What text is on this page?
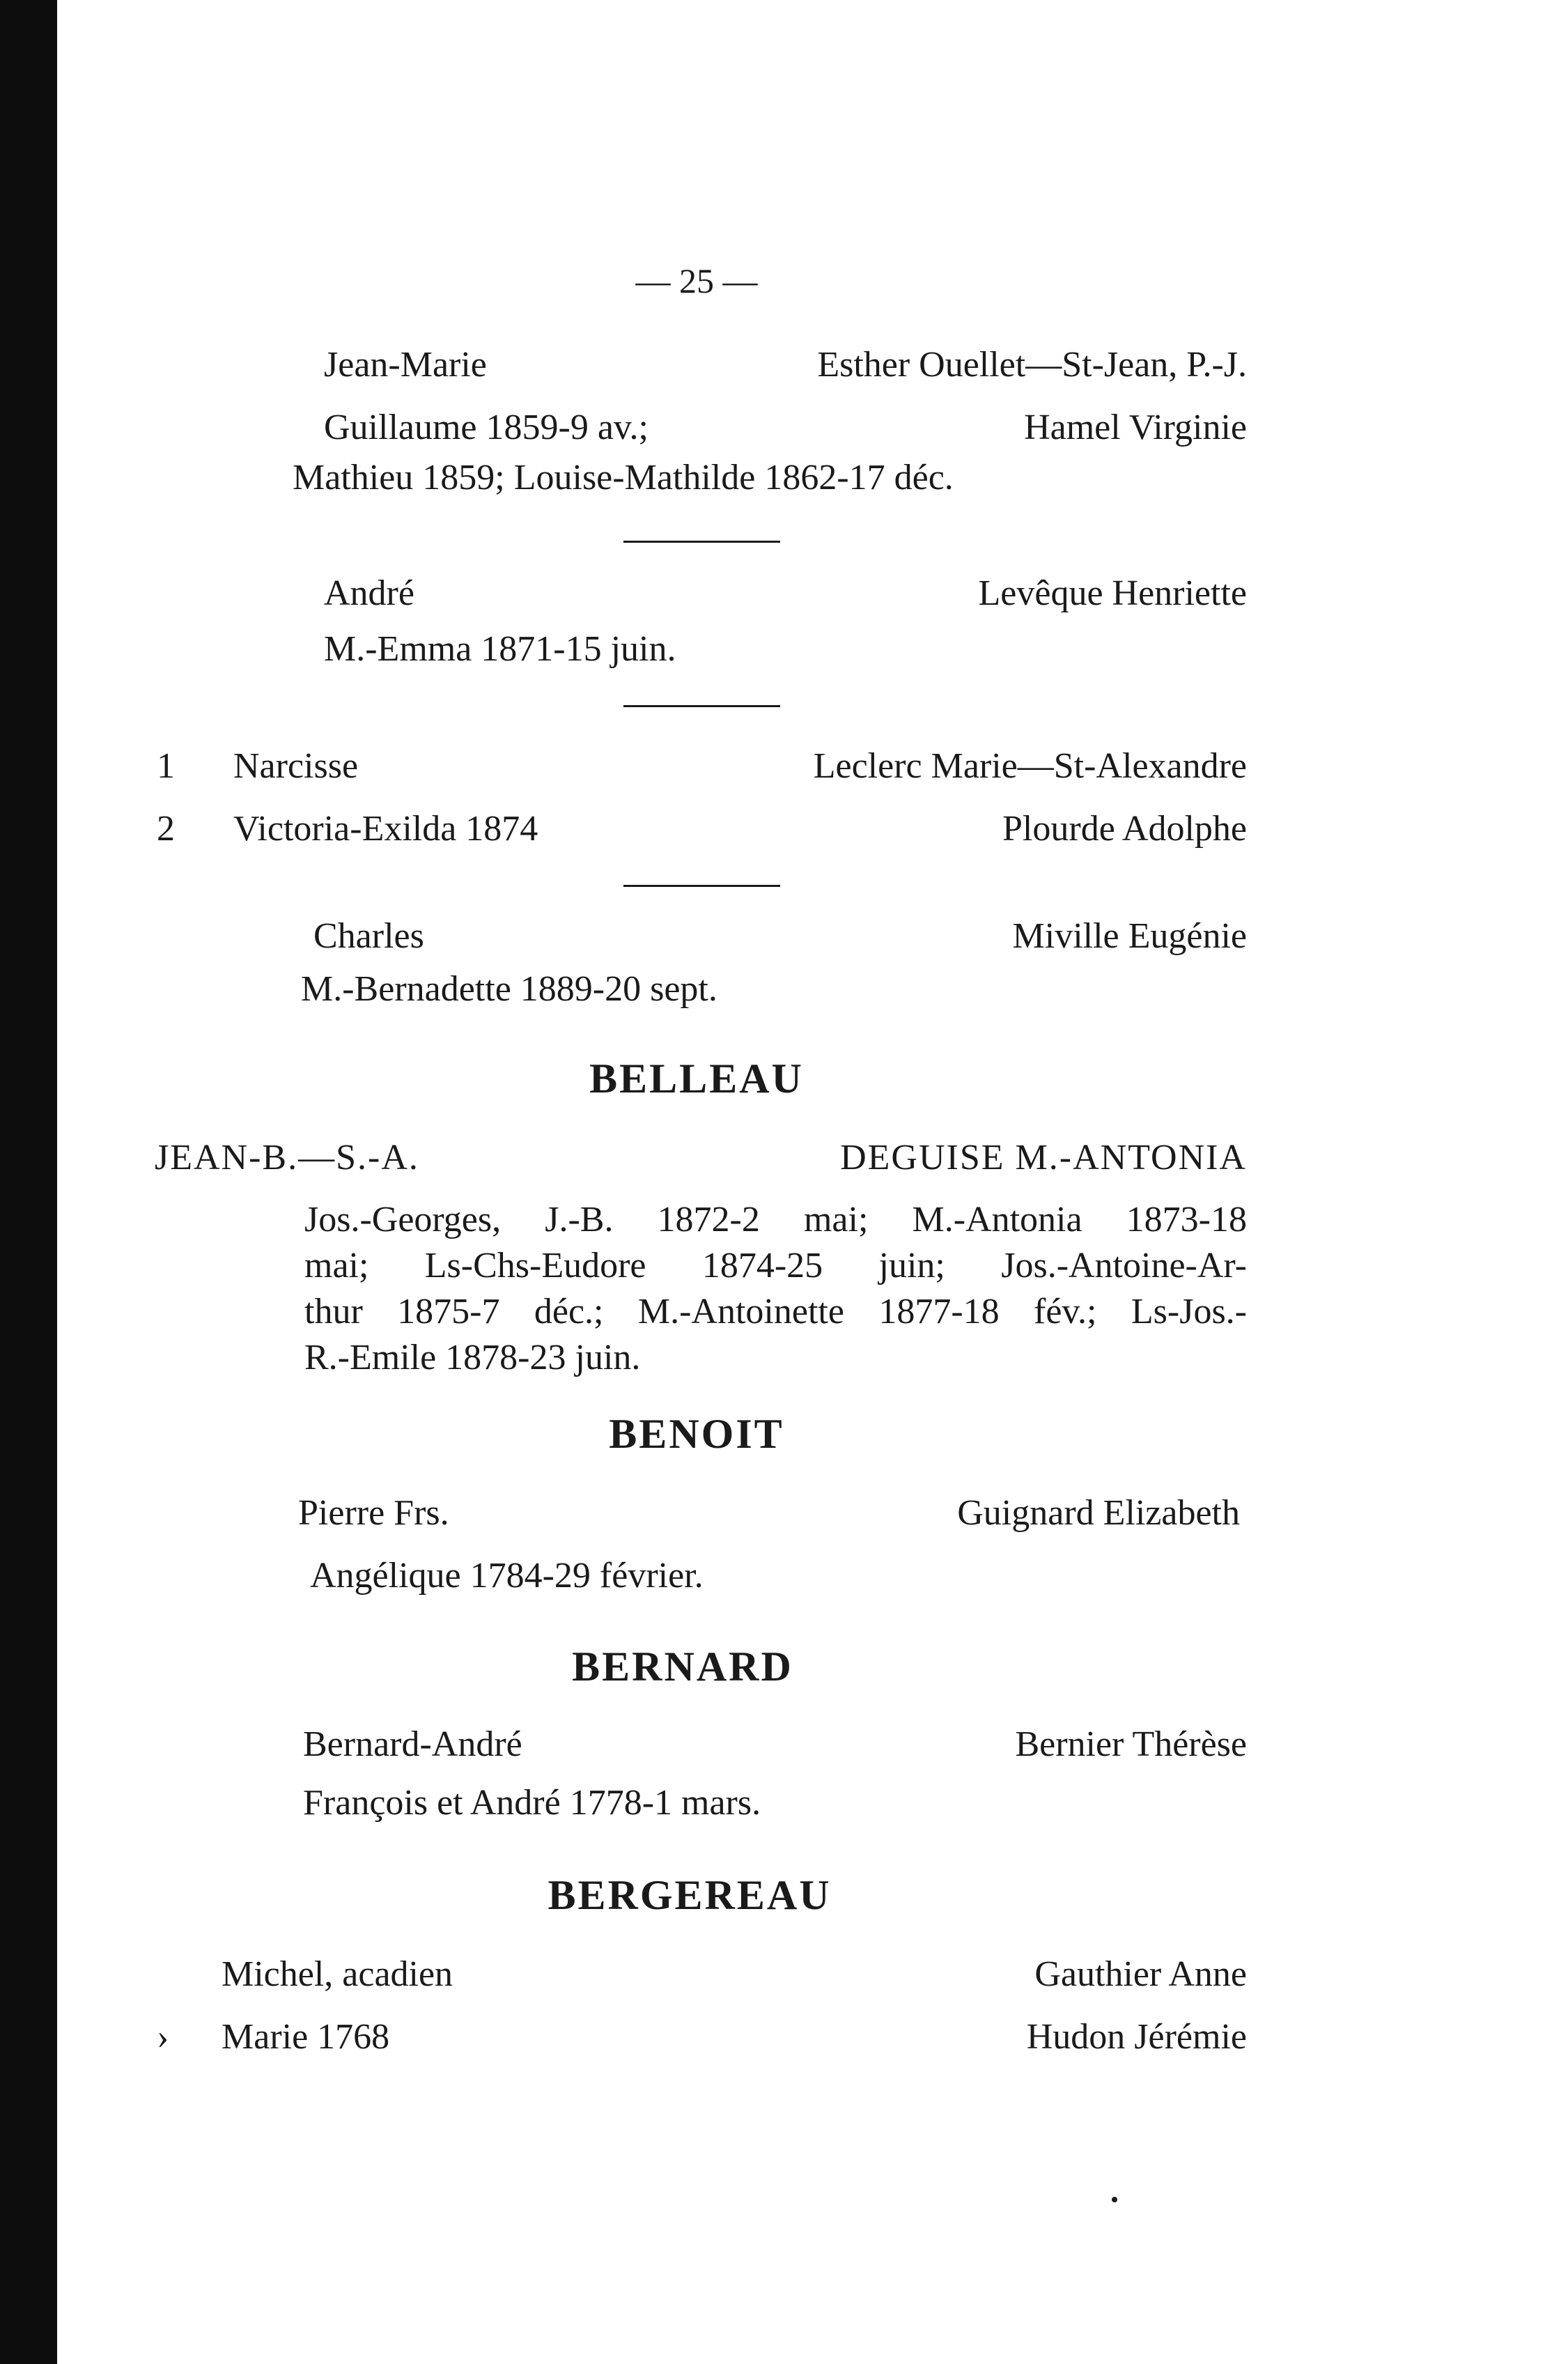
— 25 —
Jean-Marie	Esther Ouellet—St-Jean, P.-J.
Guillaume 1859-9 av.;	Hamel Virginie
Mathieu 1859; Louise-Mathilde 1862-17 déc.
André	Levêque Henriette
M.-Emma 1871-15 juin.
1 Narcisse	Leclerc Marie—St-Alexandre
2 Victoria-Exilda 1874	Plourde Adolphe
Charles	Miville Eugénie
M.-Bernadette 1889-20 sept.
BELLEAU
JEAN-B.—S.-A.	DEGUISE M.-ANTONIA
Jos.-Georges, J.-B. 1872-2 mai; M.-Antonia 1873-18
mai; Ls-Chs-Eudore 1874-25 juin; Jos.-Antoine-Ar-
thur 1875-7 déc.; M.-Antoinette 1877-18 fév.; Ls-Jos.-
R.-Emile 1878-23 juin.
BENOIT
Pierre Frs.	Guignard Elizabeth
Angélique 1784-29 février.
BERNARD
Bernard-André	Bernier Thérèse
François et André 1778-1 mars.
BERGEREAU
Michel, acadien	Gauthier Anne
› Marie 1768	Hudon Jérémie
